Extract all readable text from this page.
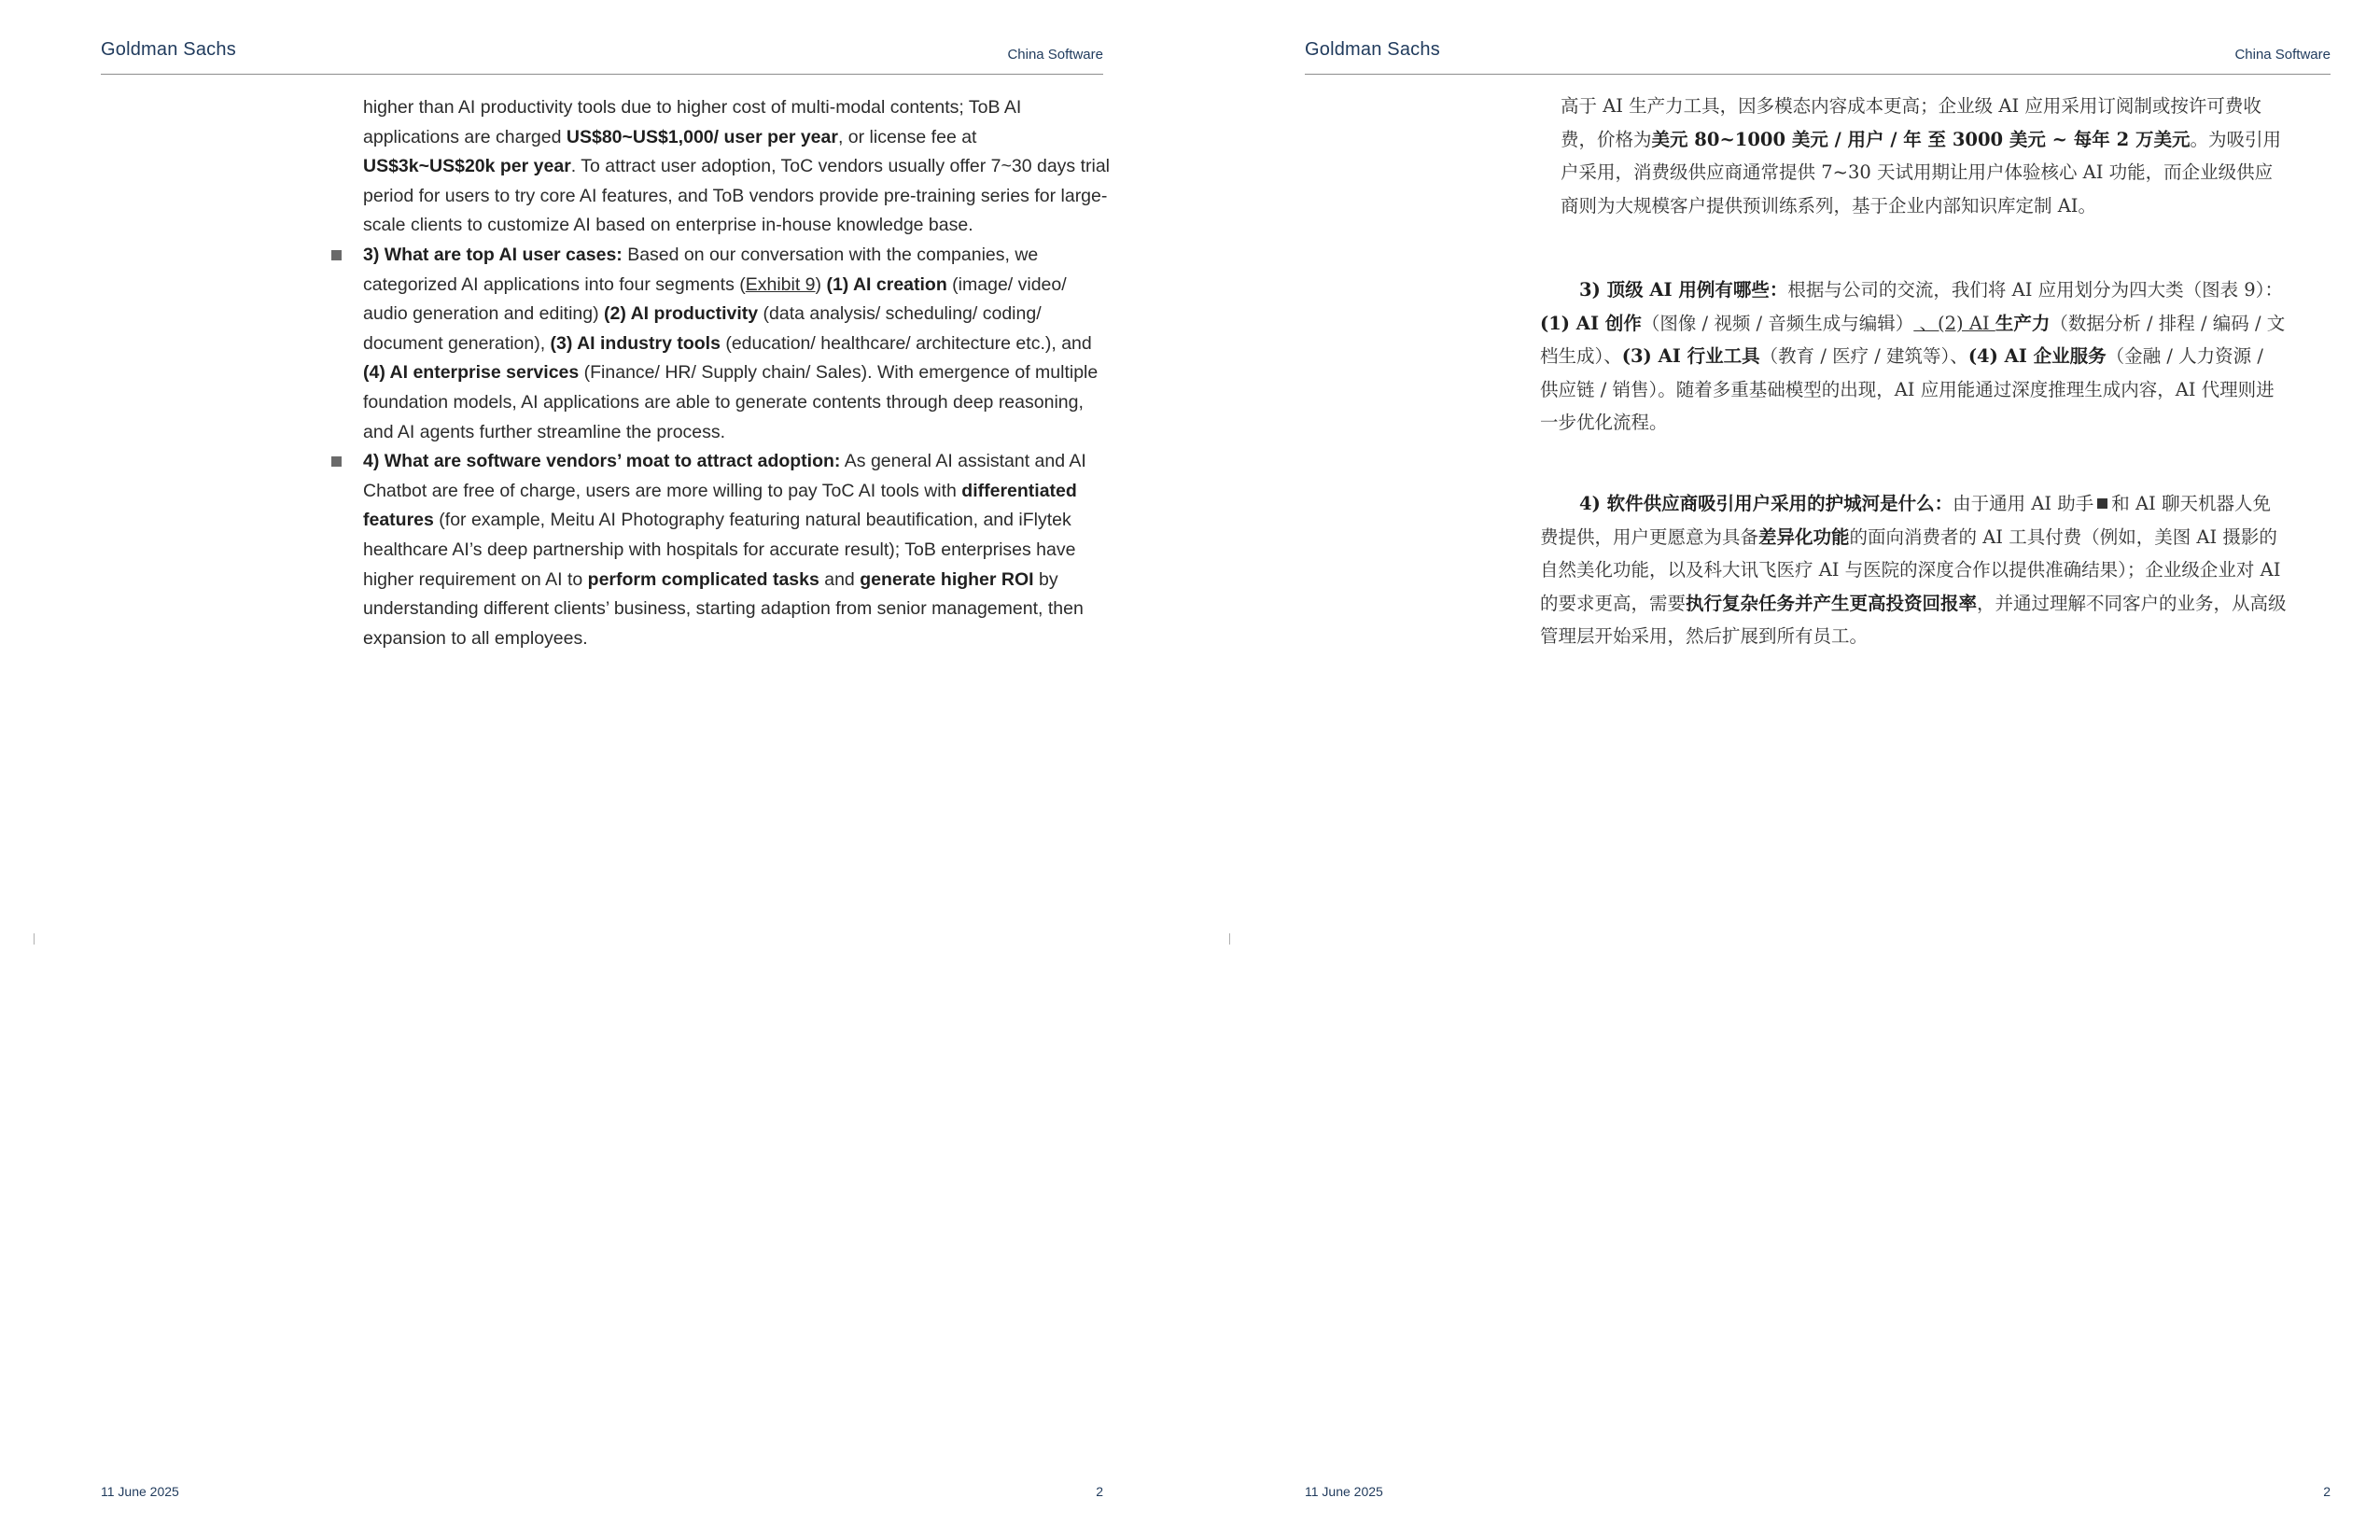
Goldman Sachs	China Software

higher than AI productivity tools due to higher cost of multi-modal contents; ToB AI applications are charged US$80~US$1,000/ user per year, or license fee at US$3k~US$20k per year. To attract user adoption, ToC vendors usually offer 7~30 days trial period for users to try core AI features, and ToB vendors provide pre-training series for large-scale clients to customize AI based on enterprise in-house knowledge base.

3) What are top AI user cases: Based on our conversation with the companies, we categorized AI applications into four segments (Exhibit 9) (1) AI creation (image/ video/ audio generation and editing) (2) AI productivity (data analysis/ scheduling/ coding/ document generation), (3) AI industry tools (education/ healthcare/ architecture etc.), and (4) AI enterprise services (Finance/ HR/ Supply chain/ Sales). With emergence of multiple foundation models, AI applications are able to generate contents through deep reasoning, and AI agents further streamline the process.

4) What are software vendors’ moat to attract adoption: As general AI assistant and AI Chatbot are free of charge, users are more willing to pay ToC AI tools with differentiated features (for example, Meitu AI Photography featuring natural beautification, and iFlytek healthcare AI’s deep partnership with hospitals for accurate result); ToB enterprises have higher requirement on AI to perform complicated tasks and generate higher ROI by understanding different clients’ business, starting adaption from senior management, then expansion to all employees.

11 June 2025	2
Goldman Sachs	China Software
高于 AI 生产力工具，因多模态内容成本更高；企业级 AI 应用采用订阅制或按许可费收费，价格为美元 80~1000 美元 / 用户 / 年 至 3000 美元 ~ 每年 2 万美元。为吸引用户采用，消费级供应商通常提供 7~30 天试用期让用户体验核心 AI 功能，而企业级供应商则为大规模客户提供预训练系列，基于企业内部知识库定制 AI。
3) 顶级 AI 用例有哪些：根据与公司的交流，我们将 AI 应用划分为四大类（图表 9）：(1) AI 创作（图像 / 视频 / 音频生成与编辑） 、(2) AI 生产力（数据分析 / 排程 / 编码 / 文档生成）、(3) AI 行业工具（教育 / 医疗 / 建筑等）、(4) AI 企业服务（金融 / 人力资源 / 供应链 / 销售）。随着多重基础模型的出现，AI 应用能通过深度推理生成内容，AI 代理则进一步优化流程。
4) 软件供应商吸引用户采用的护城河是什么：由于通用 AI 助手 和 AI 聊天机器人免费提供，用户更愿意为具备差异化功能的面向消费者的 AI 工具付费（例如，美图 AI 摄影的自然美化功能，以及科大讯飞医疗 AI 与医院的深度合作以提供准确结果）；企业级企业对 AI 的要求更高，需要执行复杂任务并产生更高投资回报率，并通过理解不同客户的业务，从高级管理层开始采用，然后扩展到所有员工。
11 June 2025	2
